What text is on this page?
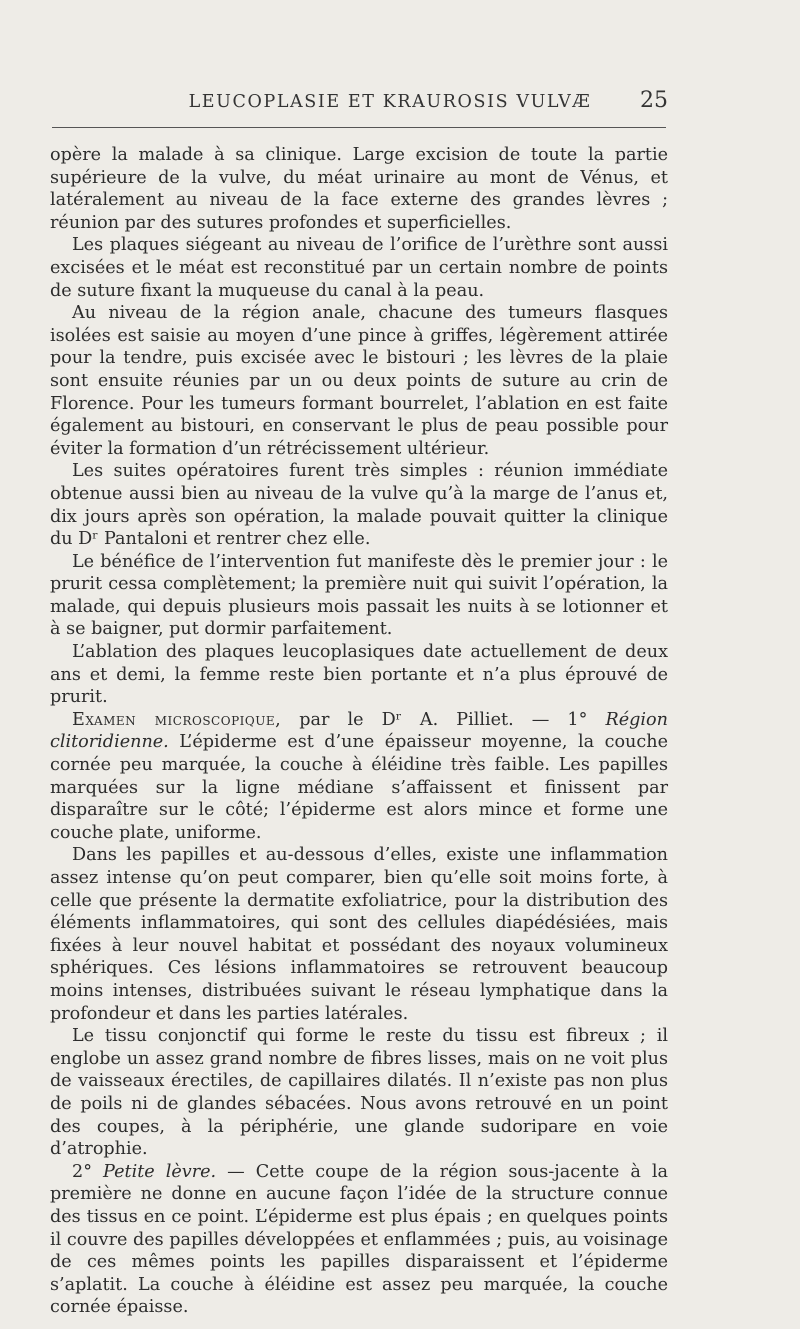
LEUCOPLASIE ET KRAUROSIS VULVÆ	25

opère la malade à sa clinique. Large excision de toute la partie supérieure de la vulve, du méat urinaire au mont de Vénus, et latéralement au niveau de la face externe des grandes lèvres ; réunion par des sutures profondes et superficielles.

Les plaques siégeant au niveau de l’orifice de l’urèthre sont aussi excisées et le méat est reconstitué par un certain nombre de points de suture fixant la muqueuse du canal à la peau.

Au niveau de la région anale, chacune des tumeurs flasques isolées est saisie au moyen d’une pince à griffes, légèrement attirée pour la tendre, puis excisée avec le bistouri ; les lèvres de la plaie sont ensuite réunies par un ou deux points de suture au crin de Florence. Pour les tumeurs formant bourrelet, l’ablation en est faite également au bistouri, en conservant le plus de peau possible pour éviter la formation d’un rétrécissement ultérieur.

Les suites opératoires furent très simples : réunion immédiate obtenue aussi bien au niveau de la vulve qu’à la marge de l’anus et, dix jours après son opération, la malade pouvait quitter la clinique du Dʳ Pantaloni et rentrer chez elle.

Le bénéfice de l’intervention fut manifeste dès le premier jour : le prurit cessa complètement; la première nuit qui suivit l’opération, la malade, qui depuis plusieurs mois passait les nuits à se lotionner et à se baigner, put dormir parfaitement.

L’ablation des plaques leucoplasiques date actuellement de deux ans et demi, la femme reste bien portante et n’a plus éprouvé de prurit.

Examen microscopique, par le Dʳ A. Pilliet. — 1° Région clitoridienne. L’épiderme est d’une épaisseur moyenne, la couche cornée peu marquée, la couche à éléidine très faible. Les papilles marquées sur la ligne médiane s’affaissent et finissent par disparaître sur le côté; l’épiderme est alors mince et forme une couche plate, uniforme.

Dans les papilles et au-dessous d’elles, existe une inflammation assez intense qu’on peut comparer, bien qu’elle soit moins forte, à celle que présente la dermatite exfoliatrice, pour la distribution des éléments inflammatoires, qui sont des cellules diapédésiées, mais fixées à leur nouvel habitat et possédant des noyaux volumineux sphériques. Ces lésions inflammatoires se retrouvent beaucoup moins intenses, distribuées suivant le réseau lymphatique dans la profondeur et dans les parties latérales.

Le tissu conjonctif qui forme le reste du tissu est fibreux ; il englobe un assez grand nombre de fibres lisses, mais on ne voit plus de vaisseaux érectiles, de capillaires dilatés. Il n’existe pas non plus de poils ni de glandes sébacées. Nous avons retrouvé en un point des coupes, à la périphérie, une glande sudoripare en voie d’atrophie.

2° Petite lèvre. — Cette coupe de la région sous-jacente à la première ne donne en aucune façon l’idée de la structure connue des tissus en ce point. L’épiderme est plus épais ; en quelques points il couvre des papilles développées et enflammées ; puis, au voisinage de ces mêmes points les papilles disparaissent et l’épiderme s’aplatit. La couche à éléidine est assez peu marquée, la couche cornée épaisse.
